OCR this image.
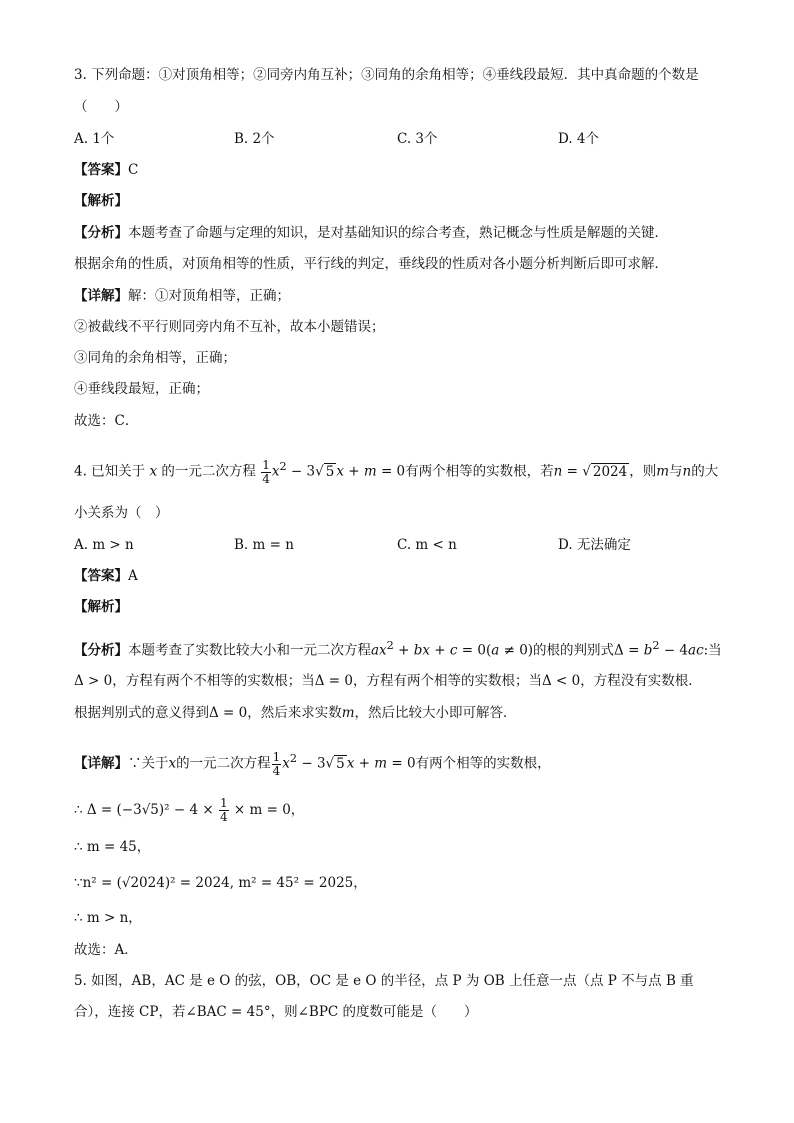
3. 下列命题：①对顶角相等；②同旁内角互补；③同角的余角相等；④垂线段最短．其中真命题的个数是
（　　）
A. 1个	B. 2个	C. 3个	D. 4个
【答案】C
【解析】
【分析】本题考查了命题与定理的知识，是对基础知识的综合考查，熟记概念与性质是解题的关键．
根据余角的性质，对顶角相等的性质，平行线的判定，垂线段的性质对各小题分析判断后即可求解．
【详解】解：①对顶角相等，正确；
②被截线不平行则同旁内角不互补，故本小题错误；
③同角的余角相等，正确；
④垂线段最短，正确；
故选：C．
4. 已知关于 x 的一元二次方程 $\frac{1}{4} x^2 - 3√$ 5 x + m = 0有两个相等的实数根，若n = √ 2024 ，则m与n的大
小关系为（　）
A. m > n	B. m = n	C. m < n	D. 无法确定
【答案】A
【解析】
【分析】本题考查了实数比较大小和一元二次方程$ax^2$ + bx + c = 0(a ≠ 0)的根的判别式$\Delta = b^2 - 4ac$:当
Δ > 0，方程有两个不相等的实数根；当Δ = 0，方程有两个相等的实数根；当Δ < 0，方程没有实数根．
根据判别式的意义得到Δ = 0，然后来求实数m，然后比较大小即可解答．
【详解】∵关于x的一元二次方程 $\frac{1}{4} x^2 - 3√$ 5 x + m = 0有两个相等的实数根，
∴ $\Delta = (-3√5)^2 - 4 \times \frac{1}{4} \times m = 0$，
∴ m = 45，
∵n² = (√2024)² = 2024, m² = 45² = 2025，
∴ m > n，
故选：A．
5. 如图，AB，AC 是 e O 的弦，OB，OC 是 e O 的半径，点 P 为 OB 上任意一点（点 P 不与点 B 重
合），连接 CP，若∠BAC = 45°，则∠BPC 的度数可能是（　　）
